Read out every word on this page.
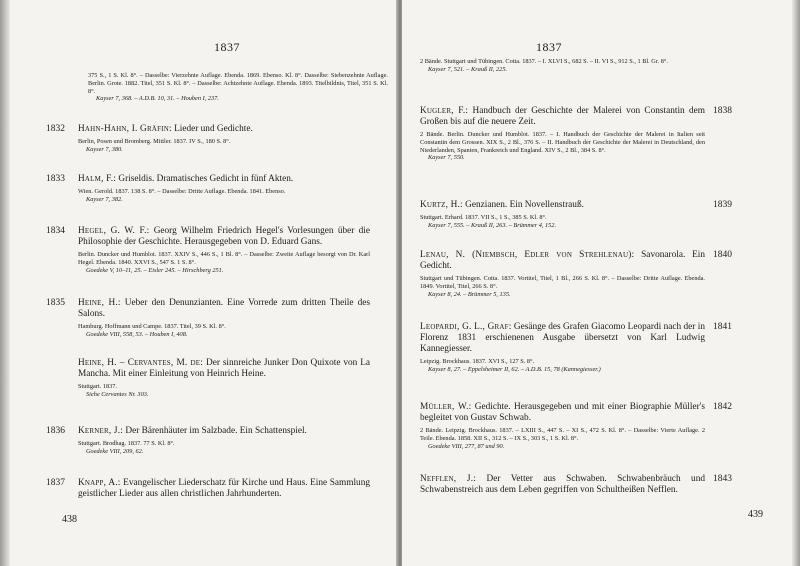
1837
375 S., 1 S. Kl. 8°. – Dasselbe: Vierzehnte Auflage. Ebenda. 1869. Ebenso. Kl. 8°. Dasselbe: Siebenzehnte Auflage. Berlin. Grote. 1882. Titel, 351 S. Kl. 8°. – Dasselbe: Achtzehnte Auflage. Ebenda. 1893. Titelbildnis, Titel, 351 S. Kl. 8°.
Kayser 7, 368. – A.D.B. 10, 31. – Houben I, 237.
1832 Hahn-Hahn, I. Gräfin: Lieder und Gedichte.
Berlin, Posen und Bromberg. Mittler. 1837. IV S., 180 S. 8°.
Kayser 7, 380.
1833 Halm, F.: Griseldis. Dramatisches Gedicht in fünf Akten.
Wien. Gerold. 1837. 138 S. 8°. – Dasselbe: Dritte Auflage. Ebenda. 1841. Ebenso.
Kayser 7, 382.
1834 Hegel, G. W. F.: Georg Wilhelm Friedrich Hegel's Vorlesungen über die Philosophie der Geschichte. Herausgegeben von D. Eduard Gans.
Berlin. Duncker und Humblot. 1837. XXIV S., 446 S., 1 Bl. 8°. – Dasselbe: Zweite Auflage besorgt von Dr. Karl Hegel. Ebenda. 1840. XXVI S., 547 S. 1 S. 8°.
Goedeke V, 10–11, 25. – Eisler 245. – Hirschberg 251.
1835 Heine, H.: Ueber den Denunzianten. Eine Vorrede zum dritten Theile des Salons.
Hamburg. Hoffmann und Campe. 1837. Titel, 39 S. Kl. 8°.
Goedeke VIII, 558, 53. – Houben I, 408.
Heine, H. – Cervantes, M. de: Der sinnreiche Junker Don Quixote von La Mancha. Mit einer Einleitung von Heinrich Heine.
Stuttgart. 1837.
Siehe Cervantes Nr. 303.
1836 Kerner, J.: Der Bärenhäuter im Salzbade. Ein Schattenspiel.
Stuttgart. Brodhag. 1837. 77 S. Kl. 8°.
Goedeke VIII, 209, 62.
1837 Knapp, A.: Evangelischer Liederschatz für Kirche und Haus. Eine Sammlung geistlicher Lieder aus allen christlichen Jahrhunderten.
438
1837
2 Bände. Stuttgart und Tübingen. Cotta. 1837. – I. XLVI S., 682 S. – II. VI S., 912 S., 1 Bl. Gr. 8°.
Kayser 7, 521. – Krauß II, 225.
1838
Kugler, F.: Handbuch der Geschichte der Malerei von Constantin dem Großen bis auf die neuere Zeit.
2 Bände. Berlin. Duncker und Humblot. 1837. – I. Handbuch der Geschichte der Malerei in Italien seit Constantin dem Grossen. XIX S., 2 Bl., 376 S. – II. Handbuch der Geschichte der Malerei in Deutschland, den Niederlanden, Spanien, Frankreich und England. XIV S., 2 Bl., 384 S. 8°.
Kayser 7, 550.
1839
Kurtz, H.: Genzianen. Ein Novellenstrauß.
Stuttgart. Erhard. 1837. VII S., 1 S., 385 S. Kl. 8°.
Kayser 7, 555. – Krauß II, 263. – Brümmer 4, 152.
1840
Lenau, N. (Niembsch, Edler von Strehlenau): Savonarola. Ein Gedicht.
Stuttgart und Tübingen. Cotta. 1837. Vortitel, Titel, 1 Bl., 266 S. Kl. 8°. – Dasselbe: Dritte Auflage. Ebenda. 1849. Vortitel, Titel, 266 S. 8°.
Kayser 8, 24. – Brümmer 5, 135.
1841
Leopardi, G. L., Graf: Gesänge des Grafen Giacomo Leopardi nach der in Florenz 1831 erschienenen Ausgabe übersetzt von Karl Ludwig Kannegiesser.
Leipzig. Brockhaus. 1837. XVI S., 127 S. 8°.
Kayser 8, 27. – Eppelsheimer II, 62. – A.D.B. 15, 78 (Kannegiesser.)
1842
Müller, W.: Gedichte. Herausgegeben und mit einer Biographie Müller's begleitet von Gustav Schwab.
2 Bände. Leipzig. Brockhaus. 1837. – LXIII S., 447 S. – XI S., 472 S. Kl. 8°. – Dasselbe: Vierte Auflage. 2 Teile. Ebenda. 1858. XII S., 312 S. – IX S., 303 S., 1 S. Kl. 8°.
Goedeke VIII, 277, 87 und 90.
1843
Nefflen, J.: Der Vetter aus Schwaben. Schwabenbräuch und Schwabenstreich aus dem Leben gegriffen von Schultheißen Nefflen.
439
